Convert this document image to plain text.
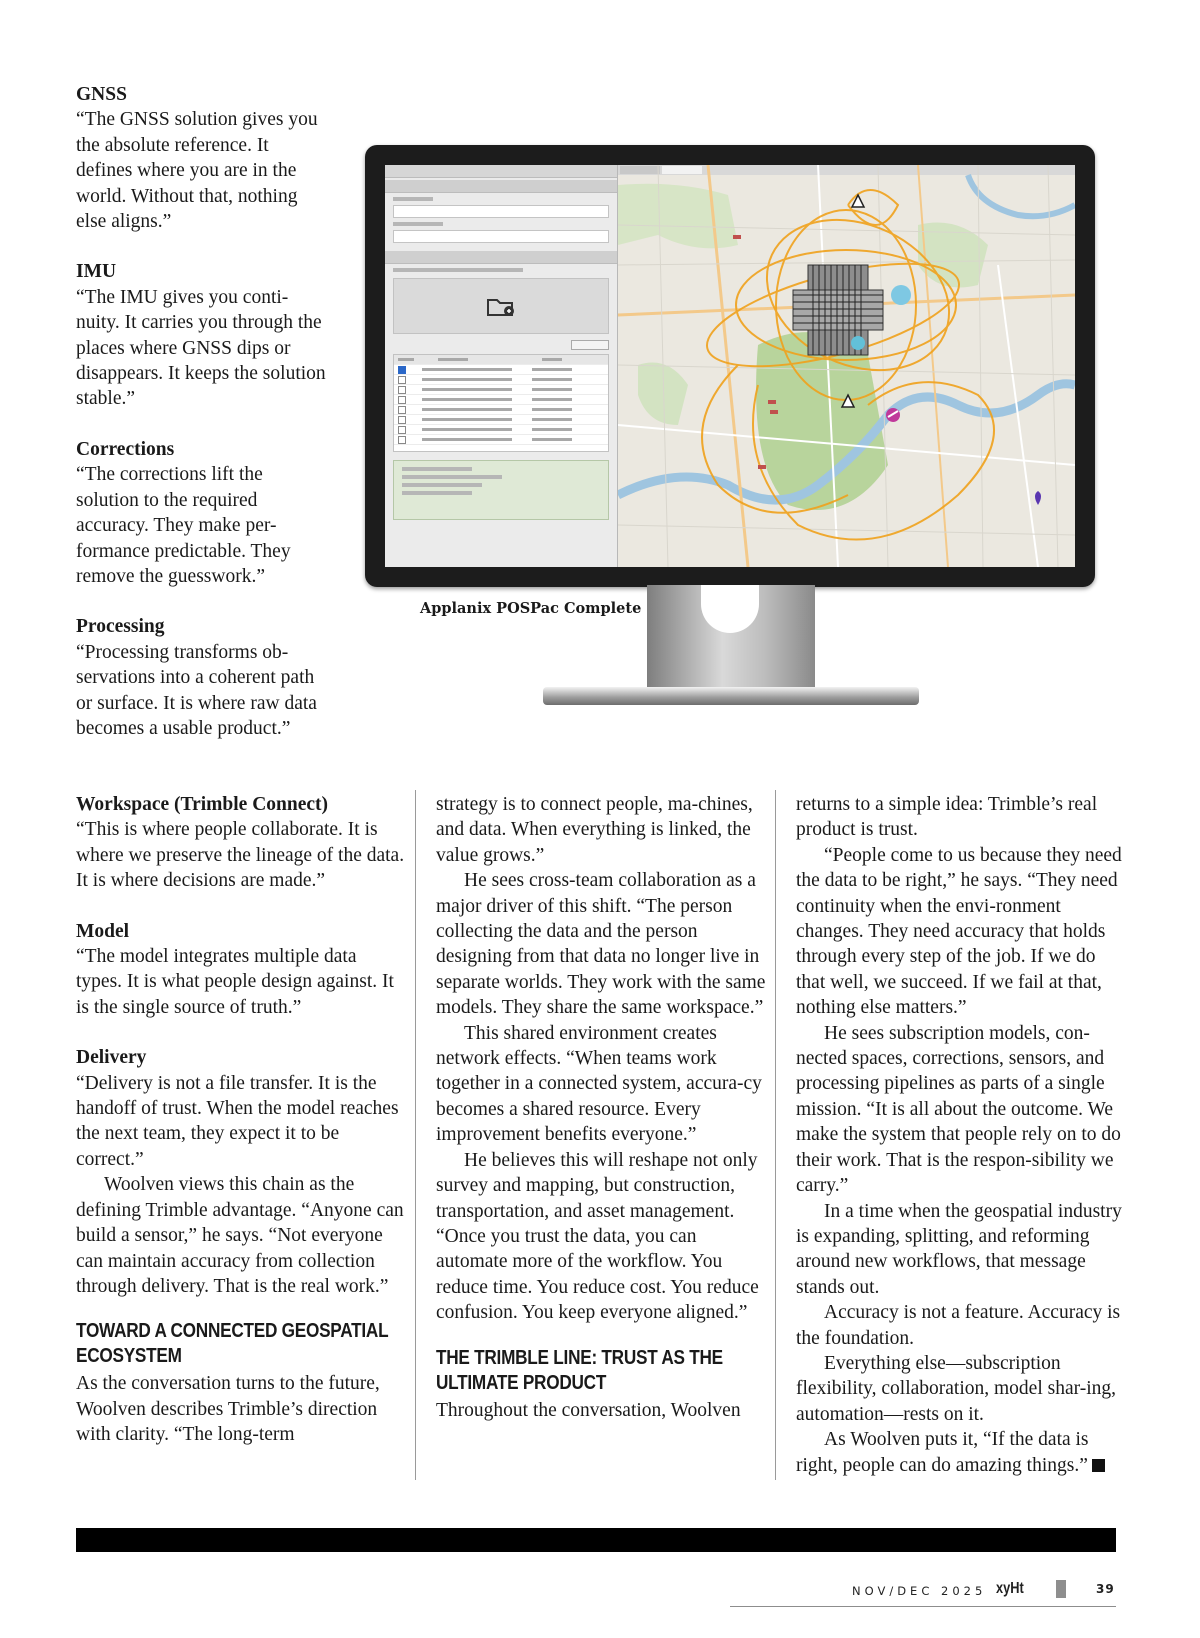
GNSS
“The GNSS solution gives you the absolute reference. It defines where you are in the world. Without that, nothing else aligns.”
IMU
“The IMU gives you conti-nuity. It carries you through the places where GNSS dips or disappears. It keeps the solution stable.”
Corrections
“The corrections lift the solution to the required accuracy. They make per-formance predictable. They remove the guesswork.”
Processing
“Processing transforms ob-servations into a coherent path or surface. It is where raw data becomes a usable product.”
Applanix POSPac Complete
Workspace (Trimble Connect)
“This is where people collaborate. It is where we preserve the lineage of the data. It is where decisions are made.”
Model
“The model integrates multiple data types. It is what people design against. It is the single source of truth.”
Delivery
“Delivery is not a file transfer. It is the handoff of trust. When the model reaches the next team, they expect it to be correct.”

Woolven views this chain as the defining Trimble advantage. “Anyone can build a sensor,” he says. “Not everyone can maintain accuracy from collection through delivery. That is the real work.”

TOWARD A CONNECTED GEOSPATIAL ECOSYSTEM

As the conversation turns to the future, Woolven describes Trimble’s direction with clarity. “The long-term

strategy is to connect people, ma-chines, and data. When everything is linked, the value grows.”

He sees cross-team collaboration as a major driver of this shift. “The person collecting the data and the person designing from that data no longer live in separate worlds. They work with the same models. They share the same workspace.”

This shared environment creates network effects. “When teams work together in a connected system, accura-cy becomes a shared resource. Every improvement benefits everyone.”

He believes this will reshape not only survey and mapping, but construction, transportation, and asset management. “Once you trust the data, you can automate more of the workflow. You reduce time. You reduce cost. You reduce confusion. You keep everyone aligned.”

THE TRIMBLE LINE: TRUST AS THE ULTIMATE PRODUCT

Throughout the conversation, Woolven

returns to a simple idea: Trimble’s real product is trust.

“People come to us because they need the data to be right,” he says. “They need continuity when the envi-ronment changes. They need accuracy that holds through every step of the job. If we do that well, we succeed. If we fail at that, nothing else matters.”

He sees subscription models, con-nected spaces, corrections, sensors, and processing pipelines as parts of a single mission. “It is all about the outcome. We make the system that people rely on to do their work. That is the respon-sibility we carry.”

In a time when the geospatial industry is expanding, splitting, and reforming around new workflows, that message stands out.

Accuracy is not a feature. Accuracy is the foundation.

Everything else—subscription flexibility, collaboration, model shar-ing, automation—rests on it.

As Woolven puts it, “If the data is right, people can do amazing things.”

NOV/DEC 2025 xyHt	39
